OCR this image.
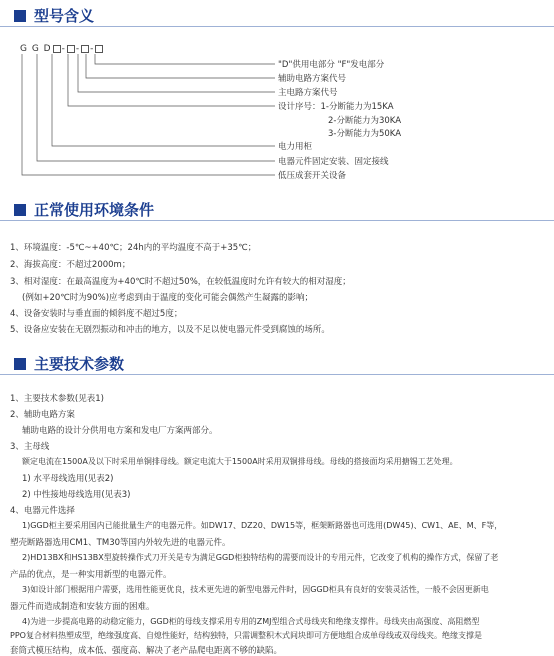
型号含义
G G D - - -
"D"供用电部分 "F"发电部分
辅助电路方案代号
主电路方案代号
设计序号：1-分断能力为15KA
2-分断能力为30KA
3-分断能力为50KA
电力用柜
电器元件固定安装、固定接线
低压成套开关设备
正常使用环境条件
1、环境温度：-5℃~+40℃；24h内的平均温度不高于+35℃；
2、海拔高度：不超过2000m；
3、相对湿度：在最高温度为+40℃时不超过50%，在较低温度时允许有较大的相对湿度；
(例如+20℃时为90%)应考虑到由于温度的变化可能会偶然产生凝露的影响；
4、设备安装时与垂直面的倾斜度不超过5度；
5、设备应安装在无剧烈振动和冲击的地方，以及不足以使电器元件受到腐蚀的场所。
主要技术参数
1、主要技术参数(见表1)
2、辅助电路方案
辅助电路的设计分供用电方案和发电厂方案两部分。
3、主母线
额定电流在1500A及以下时采用单铜排母线。额定电流大于1500A时采用双铜排母线。母线的搭接面均采用搪锡工艺处理。
1) 水平母线选用(见表2)
2) 中性接地母线选用(见表3)
4、电器元件选择
1)GGD柜主要采用国内已能批量生产的电器元件。如DW17、DZ20、DW15等，框架断路器也可选用(DW45)、CW1、AE、M、F等，
塑壳断路器选用CM1、TM30等国内外较先进的电器元件。
2)HD13BX和HS13BX型旋转操作式刀开关是专为满足GGD柜独特结构的需要而设计的专用元件，它改变了机构的操作方式，保留了老
产品的优点，是一种实用新型的电器元件。
3)如设计部门根据用户需要，选用性能更优良，技术更先进的新型电器元件时，因GGD柜具有良好的安装灵活性，一般不会因更新电
器元件而造成制造和安装方面的困难。
4)为进一步提高电路的动稳定能力，GGD柜的母线支撑采用专用的ZMJ型组合式母线夹和绝缘支撑件。母线夹由高强度、高阻燃型
PPO复合材料热塑成型，绝缘强度高、自熄性能好，结构独特，只需调整积木式间块即可方便地组合成单母线或双母线夹。绝缘支撑是
套筒式模压结构，成本低、强度高、解决了老产品爬电距离不够的缺陷。
